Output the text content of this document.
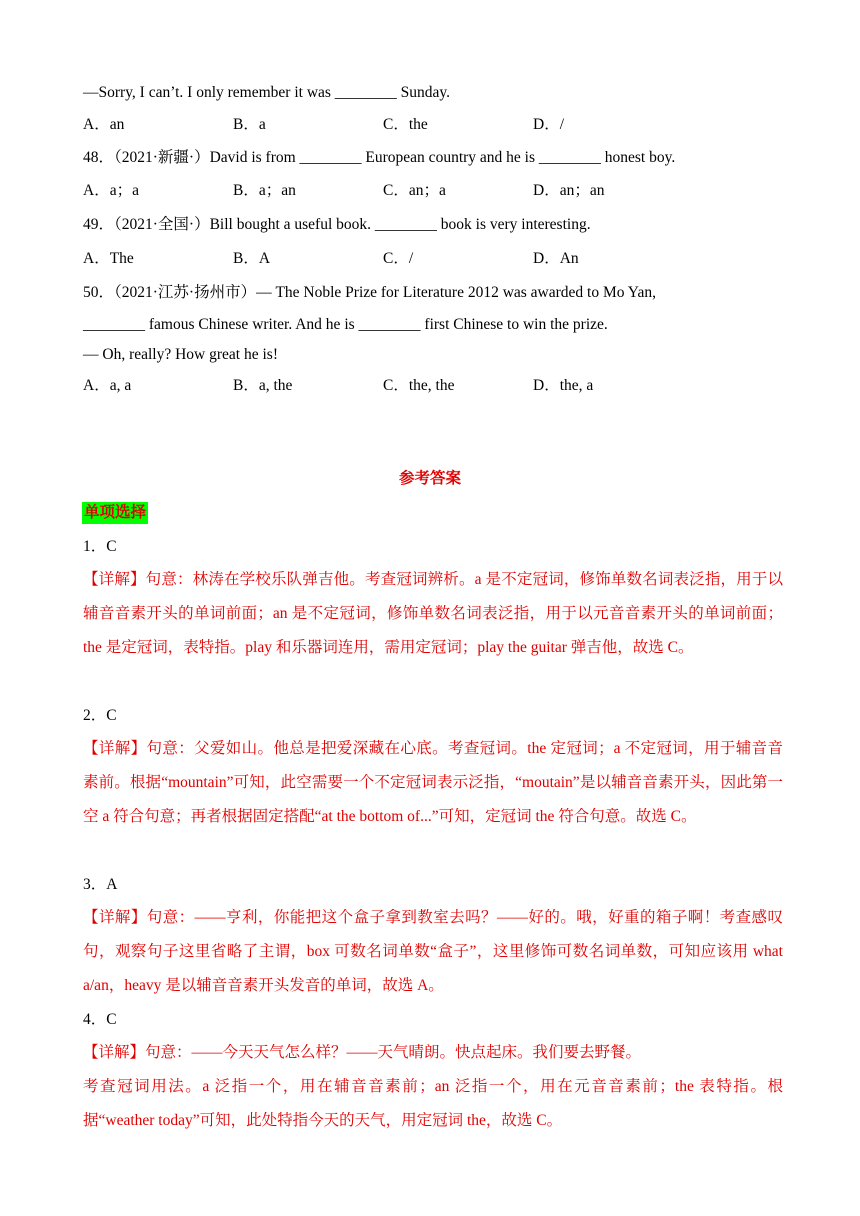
—Sorry, I can’t. I only remember it was ________ Sunday.
A．an	B．a	C．the	D．/
48．（2021·新疆·）David is from ________ European country and he is ________ honest boy.
A．a；a	B．a；an	C．an；a	D．an；an
49．（2021·全国·）Bill bought a useful book. ________ book is very interesting.
A．The	B．A	C．/	D．An
50．（2021·江苏·扬州市）— The Noble Prize for Literature 2012 was awarded to Mo Yan,
________ famous Chinese writer. And he is ________ first Chinese to win the prize.
— Oh, really? How great he is!
A．a, a	B．a, the	C．the, the	D．the, a
参考答案
单项选择
1．C
【详解】句意：林涛在学校乐队弹吉他。考查冠词辨析。a 是不定冠词，修饰单数名词表泛指，用于以辅音音素开头的单词前面；an 是不定冠词，修饰单数名词表泛指，用于以元音音素开头的单词前面；the 是定冠词，表特指。play 和乐器词连用，需用定冠词；play the guitar 弹吉他，故选 C。
2．C
【详解】句意：父爱如山。他总是把爱深藏在心底。考查冠词。the 定冠词；a 不定冠词，用于辅音音素前。根据“mountain”可知，此空需要一个不定冠词表示泛指，“moutain”是以辅音音素开头，因此第一空 a 符合句意；再者根据固定搭配“at the bottom of...”可知，定冠词 the 符合句意。故选 C。
3．A
【详解】句意：——亨利，你能把这个盒子拿到教室去吗？——好的。哦，好重的箱子啊！考查感叹句，观察句子这里省略了主谓，box 可数名词单数“盒子”，这里修饰可数名词单数，可知应该用 what a/an，heavy 是以辅音音素开头发音的单词，故选 A。
4．C
【详解】句意：——今天天气怎么样？——天气晴朗。快点起床。我们要去野餐。
考查冠词用法。a 泛指一个，用在辅音音素前；an 泛指一个，用在元音音素前；the 表特指。根据“weather today”可知，此处特指今天的天气，用定冠词 the，故选 C。
